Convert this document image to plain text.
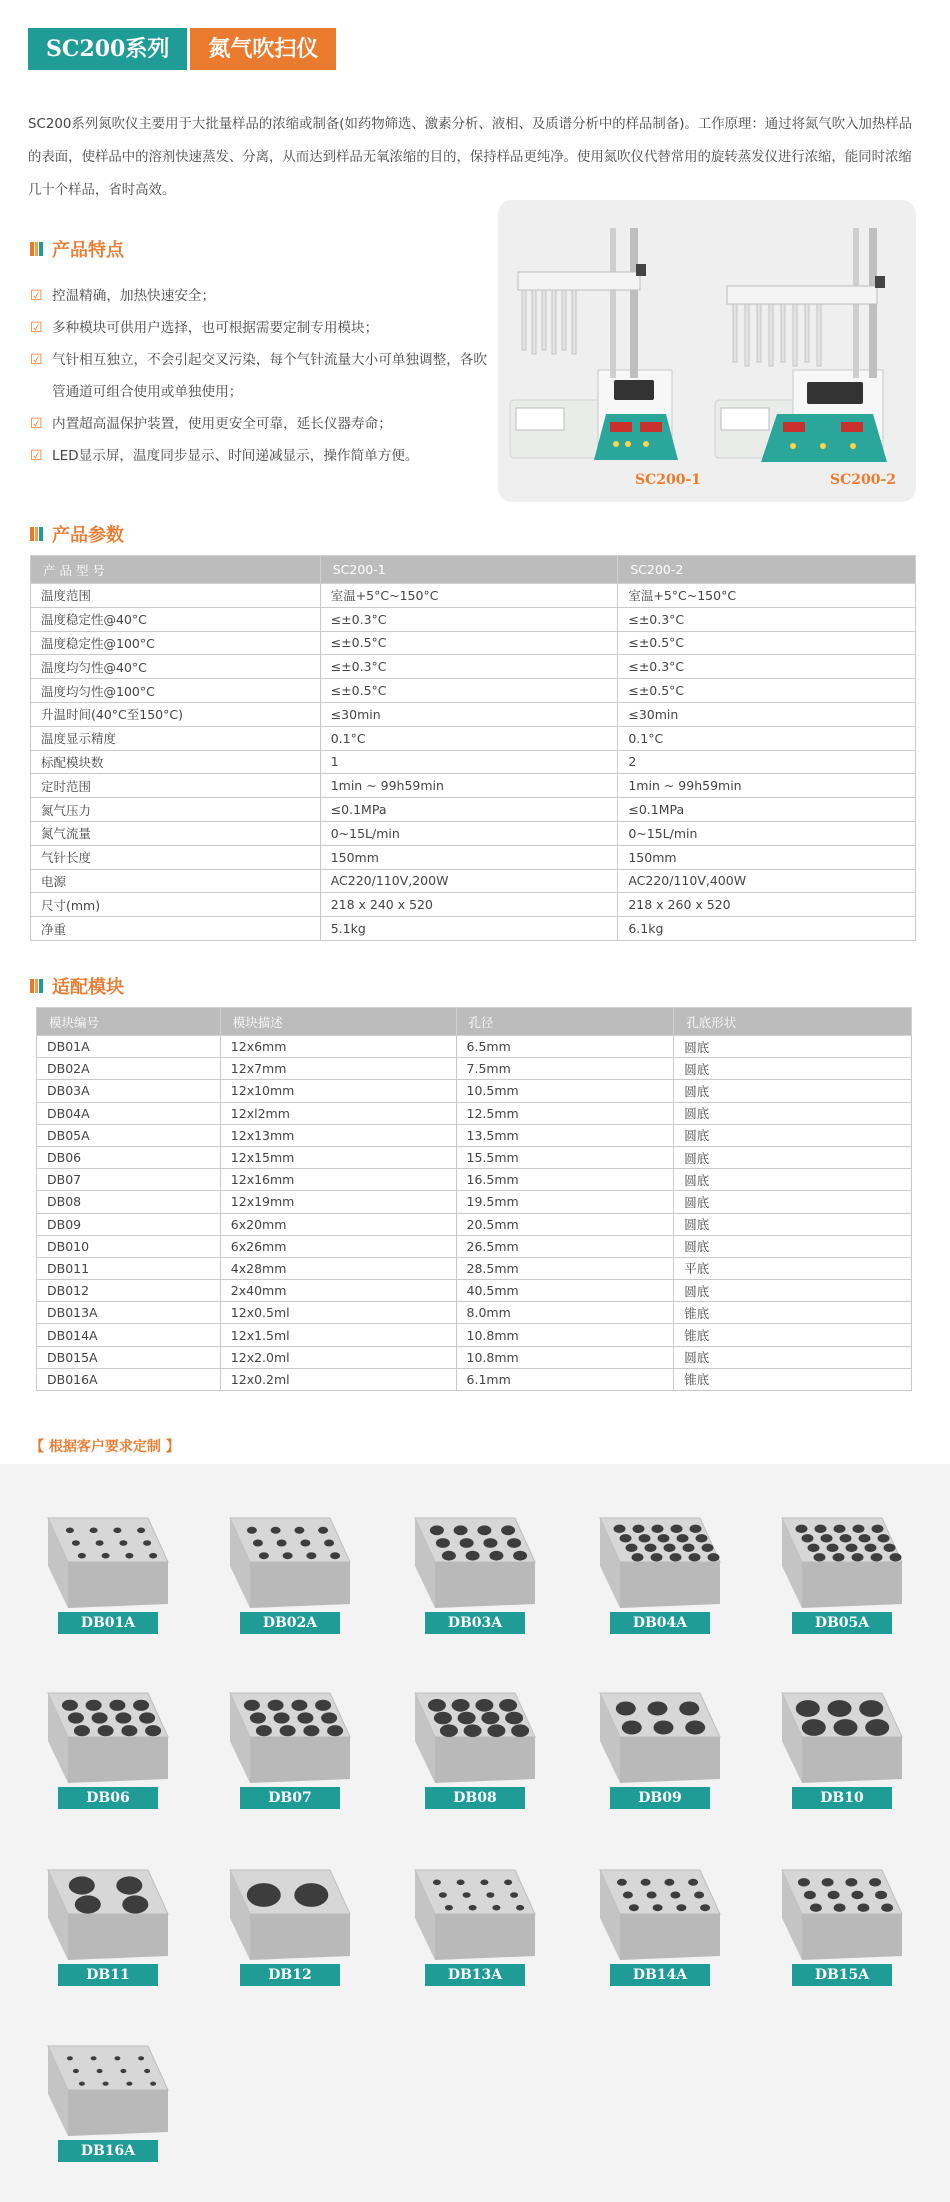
SC200系列	氮气吹扫仪

SC200系列氮吹仪主要用于大批量样品的浓缩或制备(如药物筛选、激素分析、液相、及质谱分析中的样品制备)。工作原理：通过将氮气吹入加热样品的表面，使样品中的溶剂快速蒸发、分离，从而达到样品无氧浓缩的目的，保持样品更纯净。使用氮吹仪代替常用的旋转蒸发仪进行浓缩，能同时浓缩几十个样品，省时高效。

产品特点
☑ 控温精确，加热快速安全；
☑ 多种模块可供用户选择，也可根据需要定制专用模块；
☑ 气针相互独立，不会引起交叉污染，每个气针流量大小可单独调整，各吹管通道可组合使用或单独使用；
☑ 内置超高温保护装置，使用更安全可靠，延长仪器寿命；
☑ LED显示屏，温度同步显示、时间递减显示，操作简单方便。
SC200-1	SC200-2
产品参数
产 品 型 号	SC200-1	SC200-2
温度范围	室温+5°C~150°C	室温+5°C~150°C
温度稳定性@40°C	≤±0.3°C	≤±0.3°C
温度稳定性@100°C	≤±0.5°C	≤±0.5°C
温度均匀性@40°C	≤±0.3°C	≤±0.3°C
温度均匀性@100°C	≤±0.5°C	≤±0.5°C
升温时间(40°C至150°C)	≤30min	≤30min
温度显示精度	0.1°C	0.1°C
标配模块数	1	2
定时范围	1min ~ 99h59min	1min ~ 99h59min
氮气压力	≤0.1MPa	≤0.1MPa
氮气流量	0~15L/min	0~15L/min
气针长度	150mm	150mm
电源	AC220/110V,200W	AC220/110V,400W
尺寸(mm)	218 x 240 x 520	218 x 260 x 520
净重	5.1kg	6.1kg
适配模块
模块编号	模块描述	孔径	孔底形状
DB01A	12x6mm	6.5mm	圆底
DB02A	12x7mm	7.5mm	圆底
DB03A	12x10mm	10.5mm	圆底
DB04A	12xl2mm	12.5mm	圆底
DB05A	12x13mm	13.5mm	圆底
DB06	12x15mm	15.5mm	圆底
DB07	12x16mm	16.5mm	圆底
DB08	12x19mm	19.5mm	圆底
DB09	6x20mm	20.5mm	圆底
DB010	6x26mm	26.5mm	圆底
DB011	4x28mm	28.5mm	平底
DB012	2x40mm	40.5mm	圆底
DB013A	12x0.5ml	8.0mm	锥底
DB014A	12x1.5ml	10.8mm	锥底
DB015A	12x2.0ml	10.8mm	圆底
DB016A	12x0.2ml	6.1mm	锥底
【 根据客户要求定制 】
DB01A	DB02A	DB03A	DB04A	DB05A
DB06	DB07	DB08	DB09	DB10
DB11	DB12	DB13A	DB14A	DB15A
DB16A
